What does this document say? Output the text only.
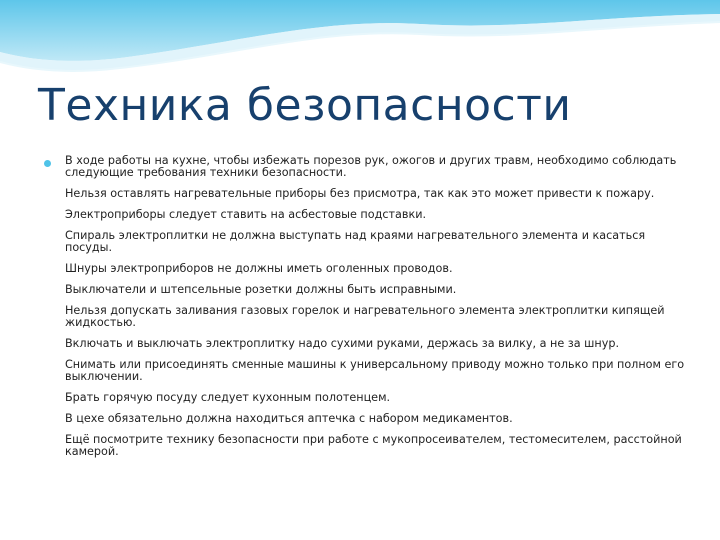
Техника безопасности

В ходе работы на кухне, чтобы избежать порезов рук, ожогов и других травм, необходимо соблюдать следующие требования техники безопасности.

Нельзя оставлять нагревательные приборы без присмотра, так как это может привести к пожару.

Электроприборы следует ставить на асбестовые подставки.

Спираль электроплитки не должна выступать над краями нагревательного элемента и касаться посуды.

Шнуры электроприборов не должны иметь оголенных проводов.

Выключатели и штепсельные розетки должны быть исправными.

Нельзя допускать заливания газовых горелок и нагревательного элемента электроплитки кипящей жидкостью.

Включать и выключать электроплитку надо сухими руками, держась за вилку, а не за шнур.

Снимать или присоединять сменные машины к универсальному приводу можно только при полном его выключении.

Брать горячую посуду следует кухонным полотенцем.

В цехе обязательно должна находиться аптечка с набором медикаментов.

Ещё посмотрите технику безопасности при работе с мукопросеивателем, тестомесителем, расстойной камерой.
